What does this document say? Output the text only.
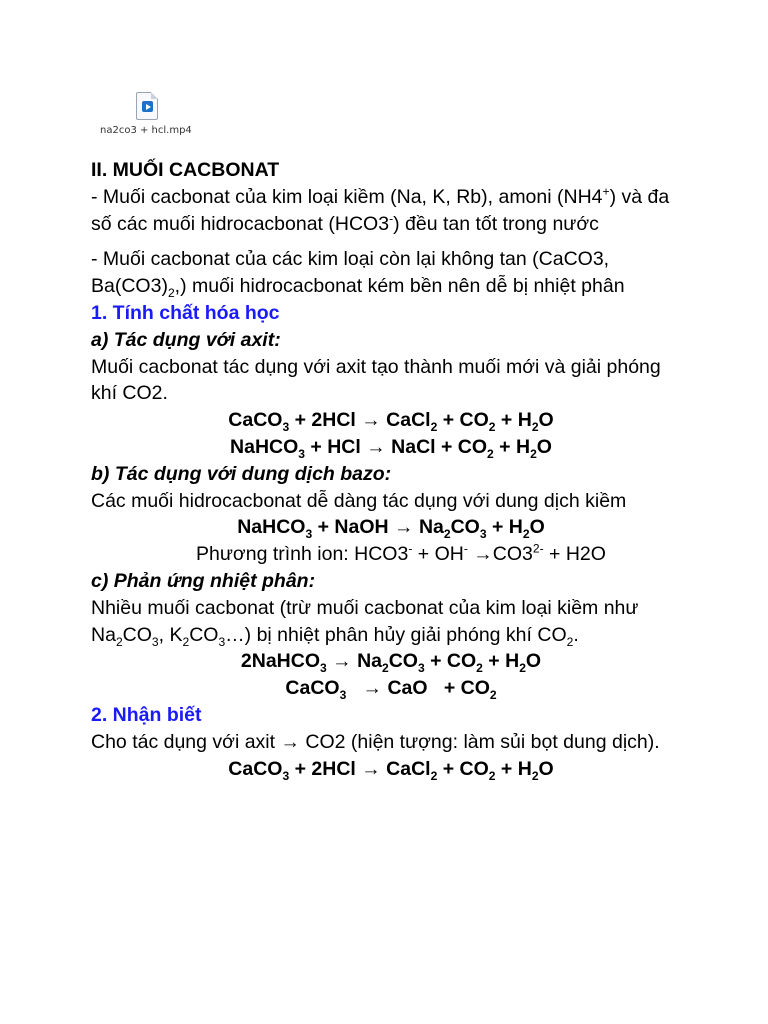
na2co3 + hcl.mp4

II. MUỐI CACBONAT

- Muối cacbonat của kim loại kiềm (Na, K, Rb), amoni (NH4+) và đa số các muối hidrocacbonat (HCO3-) đều tan tốt trong nước

- Muối cacbonat của các kim loại còn lại không tan (CaCO3, $Ba(CO3)_2$,) muối hidrocacbonat kém bền nên dễ bị nhiệt phân

1. Tính chất hóa học

a) Tác dụng với axit:

Muối cacbonat tác dụng với axit tạo thành muối mới và giải phóng khí CO2.

CaCO$_3$ + 2HCl → CaCl$_2$ + $CO_2 + H_2O$

NaHCO$_3$ + HCl → NaCl + $CO_2 + H_2O$

b) Tác dụng với dung dịch bazo:

Các muối hidrocacbonat dễ dàng tác dụng với dung dịch kiềm

NaHCO$_3$ + NaOH → $Na_2CO_3 + H_2O$

Phương trình ion: $HCO3^- + OH^- \to CO3^{2-} + H2O$

c) Phản ứng nhiệt phân:

Nhiều muối cacbonat (trừ muối cacbonat của kim loại kiềm như $Na_2CO_3$, $K_2CO_3\dots$) bị nhiệt phân hủy giải phóng khí $CO_2$.

2NaHCO$_3$ → $Na_2CO_3 + CO_2 + H_2O$

CaCO$_3$   → CaO   + $CO_2$

2. Nhận biết

Cho tác dụng với axit → CO2 (hiện tượng: làm sủi bọt dung dịch).

CaCO$_3$ + 2HCl → CaCl$_2$ + $CO_2 + H_2O$
